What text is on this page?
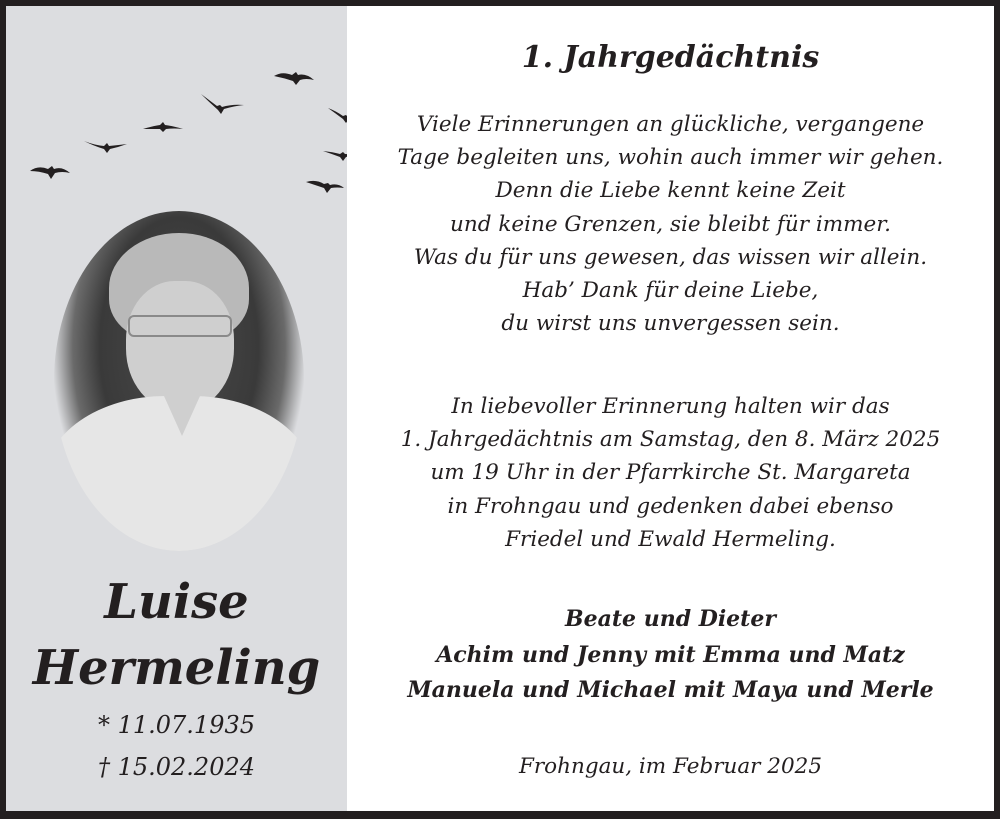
Luise
Hermeling
* 11.07.1935
† 15.02.2024
1. Jahrgedächtnis
Viele Erinnerungen an glückliche, vergangene
Tage begleiten uns, wohin auch immer wir gehen.
Denn die Liebe kennt keine Zeit
und keine Grenzen, sie bleibt für immer.
Was du für uns gewesen, das wissen wir allein.
Hab’ Dank für deine Liebe,
du wirst uns unvergessen sein.
In liebevoller Erinnerung halten wir das
1. Jahrgedächtnis am Samstag, den 8. März 2025
um 19 Uhr in der Pfarrkirche St. Margareta
in Frohngau und gedenken dabei ebenso
Friedel und Ewald Hermeling.
Beate und Dieter
Achim und Jenny mit Emma und Matz
Manuela und Michael mit Maya und Merle
Frohngau, im Februar 2025
